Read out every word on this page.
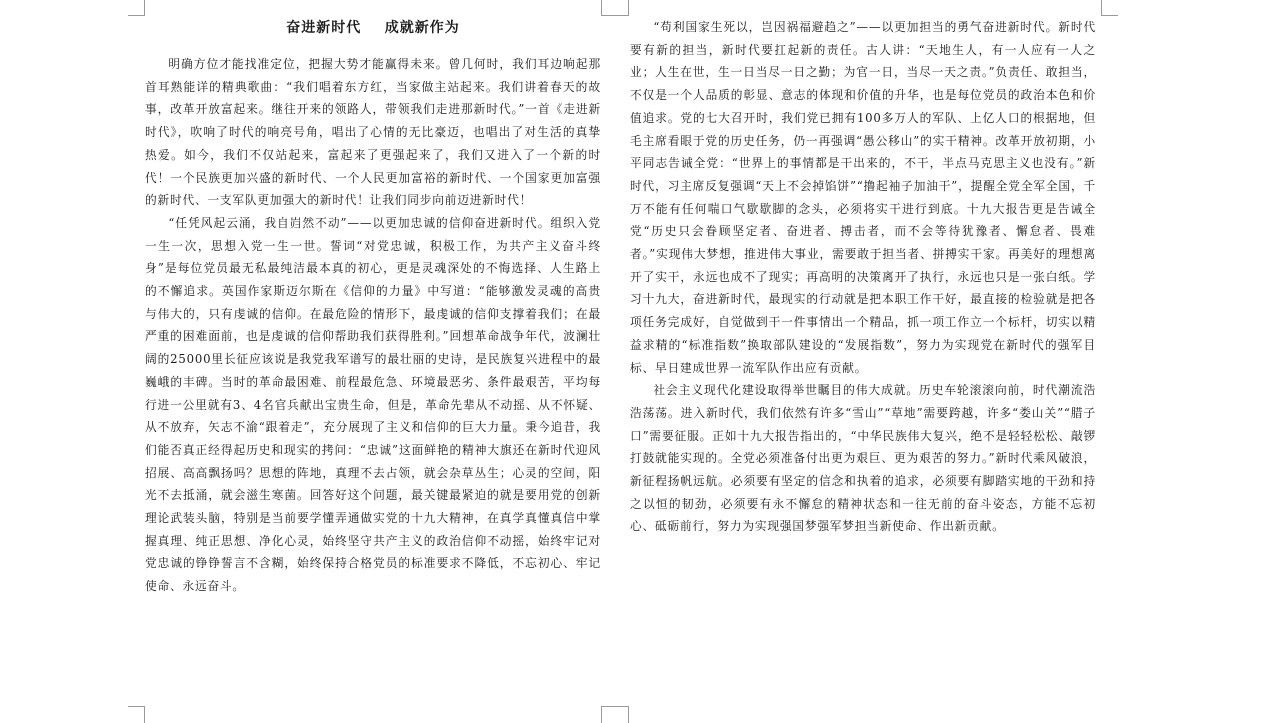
奋进新时代    成就新作为

明确方位才能找准定位，把握大势才能赢得未来。曾几何时，我们耳边响起那首耳熟能详的精典歌曲：“我们唱着东方红，当家做主站起来。我们讲着春天的故事，改革开放富起来。继往开来的领路人，带领我们走进那新时代。”一首《走进新时代》，吹响了时代的响亮号角，唱出了心情的无比豪迈，也唱出了对生活的真挚热爱。如今，我们不仅站起来，富起来了更强起来了，我们又进入了一个新的时代！一个民族更加兴盛的新时代、一个人民更加富裕的新时代、一个国家更加富强的新时代、一支军队更加强大的新时代！让我们同步向前迈进新时代！

“任凭风起云涌，我自岿然不动”——以更加忠诚的信仰奋进新时代。组织入党一生一次，思想入党一生一世。誓词“对党忠诚，积极工作，为共产主义奋斗终身”是每位党员最无私最纯洁最本真的初心，更是灵魂深处的不悔选择、人生路上的不懈追求。英国作家斯迈尔斯在《信仰的力量》中写道：“能够激发灵魂的高贵与伟大的，只有虔诚的信仰。在最危险的情形下，最虔诚的信仰支撑着我们；在最严重的困难面前，也是虔诚的信仰帮助我们获得胜利。”回想革命战争年代，波澜壮阔的25000里长征应该说是我党我军谱写的最壮丽的史诗，是民族复兴进程中的最巍峨的丰碑。当时的革命最困难、前程最危急、环境最恶劣、条件最艰苦，平均每行进一公里就有3、4名官兵献出宝贵生命，但是，革命先辈从不动摇、从不怀疑、从不放弃，矢志不渝“跟着走”，充分展现了主义和信仰的巨大力量。秉今追昔，我们能否真正经得起历史和现实的拷问：“忠诚”这面鲜艳的精神大旗还在新时代迎风招展、高高飘扬吗？思想的阵地，真理不去占领，就会杂草丛生；心灵的空间，阳光不去抵涌，就会滋生寒菌。回答好这个问题，最关键最紧迫的就是要用党的创新理论武装头脑，特别是当前要学懂弄通做实党的十九大精神，在真学真懂真信中掌握真理、纯正思想、净化心灵，始终坚守共产主义的政治信仰不动摇，始终牢记对党忠诚的铮铮誓言不含糊，始终保持合格党员的标准要求不降低，不忘初心、牢记使命、永远奋斗。

“苟利国家生死以，岂因祸福避趋之”——以更加担当的勇气奋进新时代。新时代要有新的担当，新时代要扛起新的责任。古人讲：“天地生人，有一人应有一人之业；人生在世，生一日当尽一日之勤；为官一日，当尽一天之责。”负责任、敢担当，不仅是一个人品质的彰显、意志的体现和价值的升华，也是每位党员的政治本色和价值追求。党的七大召开时，我们党已拥有100多万人的军队、上亿人口的根据地，但毛主席看眼于党的历史任务，仍一再强调“愚公移山”的实干精神。改革开放初期，小平同志告诫全党：“世界上的事情都是干出来的，不干，半点马克思主义也没有。”新时代，习主席反复强调“天上不会掉馅饼”“撸起袖子加油干”，提醒全党全军全国，千万不能有任何喘口气歇歇脚的念头，必须将实干进行到底。十九大报告更是告诫全党“历史只会眷顾坚定者、奋进者、搏击者，而不会等待犹豫者、懈怠者、畏难者。”实现伟大梦想，推进伟大事业，需要敢于担当者、拼搏实干家。再美好的理想离开了实干，永远也成不了现实；再高明的决策离开了执行，永远也只是一张白纸。学习十九大，奋进新时代，最现实的行动就是把本职工作干好，最直接的检验就是把各项任务完成好，自觉做到干一件事情出一个精品，抓一项工作立一个标杆，切实以精益求精的“标准指数”换取部队建设的“发展指数”，努力为实现党在新时代的强军目标、早日建成世界一流军队作出应有贡献。

社会主义现代化建设取得举世瞩目的伟大成就。历史车轮滚滚向前，时代潮流浩浩荡荡。进入新时代，我们依然有许多“雪山”“草地”需要跨越，许多“娄山关”“腊子口”需要征服。正如十九大报告指出的，“中华民族伟大复兴，绝不是轻轻松松、敲锣打鼓就能实现的。全党必须准备付出更为艰巨、更为艰苦的努力。”新时代乘风破浪，新征程扬帆远航。必须要有坚定的信念和执着的追求，必须要有脚踏实地的干劲和持之以恒的韧劲，必须要有永不懈怠的精神状态和一往无前的奋斗姿态，方能不忘初心、砥砺前行，努力为实现强国梦强军梦担当新使命、作出新贡献。
